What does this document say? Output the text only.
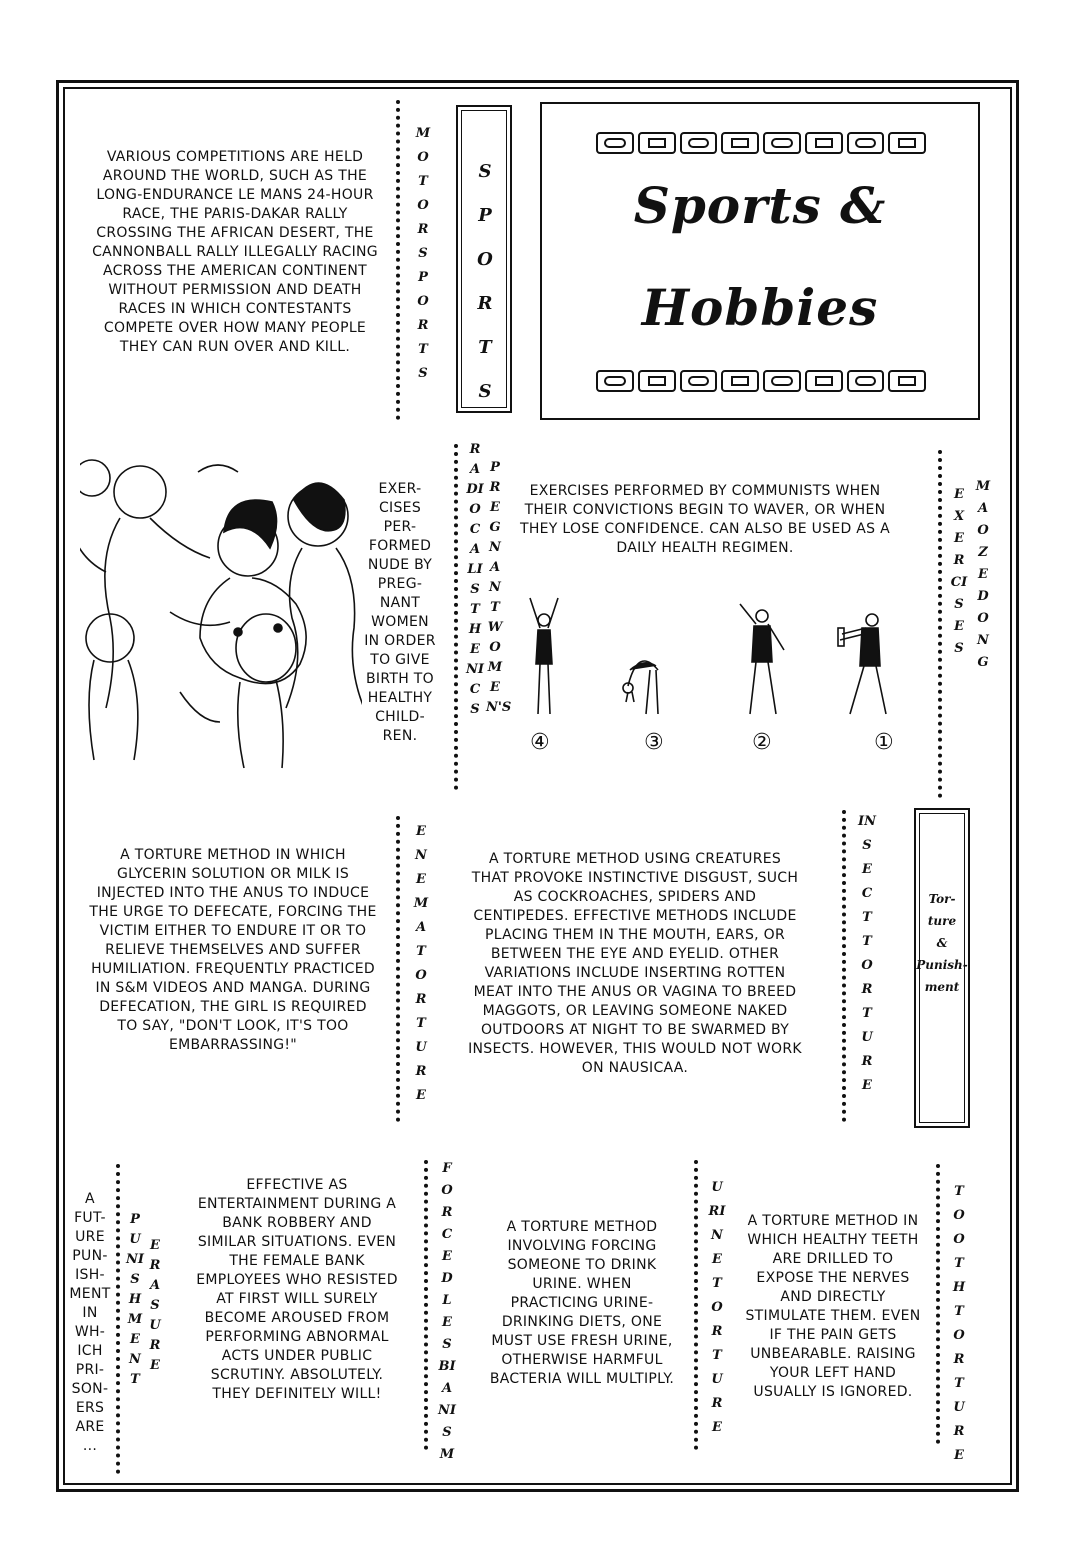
Sports &
Hobbies
SPORTS
VARIOUS COMPETITIONS ARE HELD AROUND THE WORLD, SUCH AS THE LONG-ENDURANCE LE MANS 24-HOUR RACE, THE PARIS-DAKAR RALLY CROSSING THE AFRICAN DESERT, THE CANNONBALL RALLY ILLEGALLY RACING ACROSS THE AMERICAN CONTINENT WITHOUT PERMISSION AND DEATH RACES IN WHICH CONTESTANTS COMPETE OVER HOW MANY PEOPLE THEY CAN RUN OVER AND KILL.
MOTORSPORTS
EXER-
CISES
PER-
FORMED
NUDE BY
PREG-
NANT
WOMEN
IN ORDER
TO GIVE
BIRTH TO
HEALTHY
CHILD-
REN.
RADIO CALISTHENICS
PREGNANT WOMEN'S
EXERCISES PERFORMED BY COMMUNISTS WHEN THEIR CONVICTIONS BEGIN TO WAVER, OR WHEN THEY LOSE CONFIDENCE. CAN ALSO BE USED AS A DAILY HEALTH REGIMEN.
④	③	②	①
EXERCISES
MAO ZEDONG
A TORTURE METHOD IN WHICH GLYCERIN SOLUTION OR MILK IS INJECTED INTO THE ANUS TO INDUCE THE URGE TO DEFECATE, FORCING THE VICTIM EITHER TO ENDURE IT OR TO RELIEVE THEMSELVES AND SUFFER HUMILIATION. FREQUENTLY PRACTICED IN S&M VIDEOS AND MANGA. DURING DEFECATION, THE GIRL IS REQUIRED TO SAY, "DON'T LOOK, IT'S TOO EMBARRASSING!"
ENEMA TORTURE
A TORTURE METHOD USING CREATURES THAT PROVOKE INSTINCTIVE DISGUST, SUCH AS COCKROACHES, SPIDERS AND CENTIPEDES. EFFECTIVE METHODS INCLUDE PLACING THEM IN THE MOUTH, EARS, OR BETWEEN THE EYE AND EYELID. OTHER VARIATIONS INCLUDE INSERTING ROTTEN MEAT INTO THE ANUS OR VAGINA TO BREED MAGGOTS, OR LEAVING SOMEONE NAKED OUTDOORS AT NIGHT TO BE SWARMED BY INSECTS. HOWEVER, THIS WOULD NOT WORK ON NAUSICAA.
INSECT TORTURE
Tor-
ture
&
Punish-
ment
A
FUT-
URE
PUN-
ISH-
MENT
IN
WH-
ICH
PRI-
SON-
ERS
ARE
...
PUNISHMENT
ERASURE
EFFECTIVE AS ENTERTAINMENT DURING A BANK ROBBERY AND SIMILAR SITUATIONS. EVEN THE FEMALE BANK EMPLOYEES WHO RESISTED AT FIRST WILL SURELY BECOME AROUSED FROM PERFORMING ABNORMAL ACTS UNDER PUBLIC SCRUTINY. ABSOLUTELY. THEY DEFINITELY WILL!
FORCED LESBIANISM
A TORTURE METHOD INVOLVING FORCING SOMEONE TO DRINK URINE. WHEN PRACTICING URINE-DRINKING DIETS, ONE MUST USE FRESH URINE, OTHERWISE HARMFUL BACTERIA WILL MULTIPLY.
URINE TORTURE
A TORTURE METHOD IN WHICH HEALTHY TEETH ARE DRILLED TO EXPOSE THE NERVES AND DIRECTLY STIMULATE THEM. EVEN IF THE PAIN GETS UNBEARABLE. RAISING YOUR LEFT HAND USUALLY IS IGNORED.
TOOTH TORTURE
